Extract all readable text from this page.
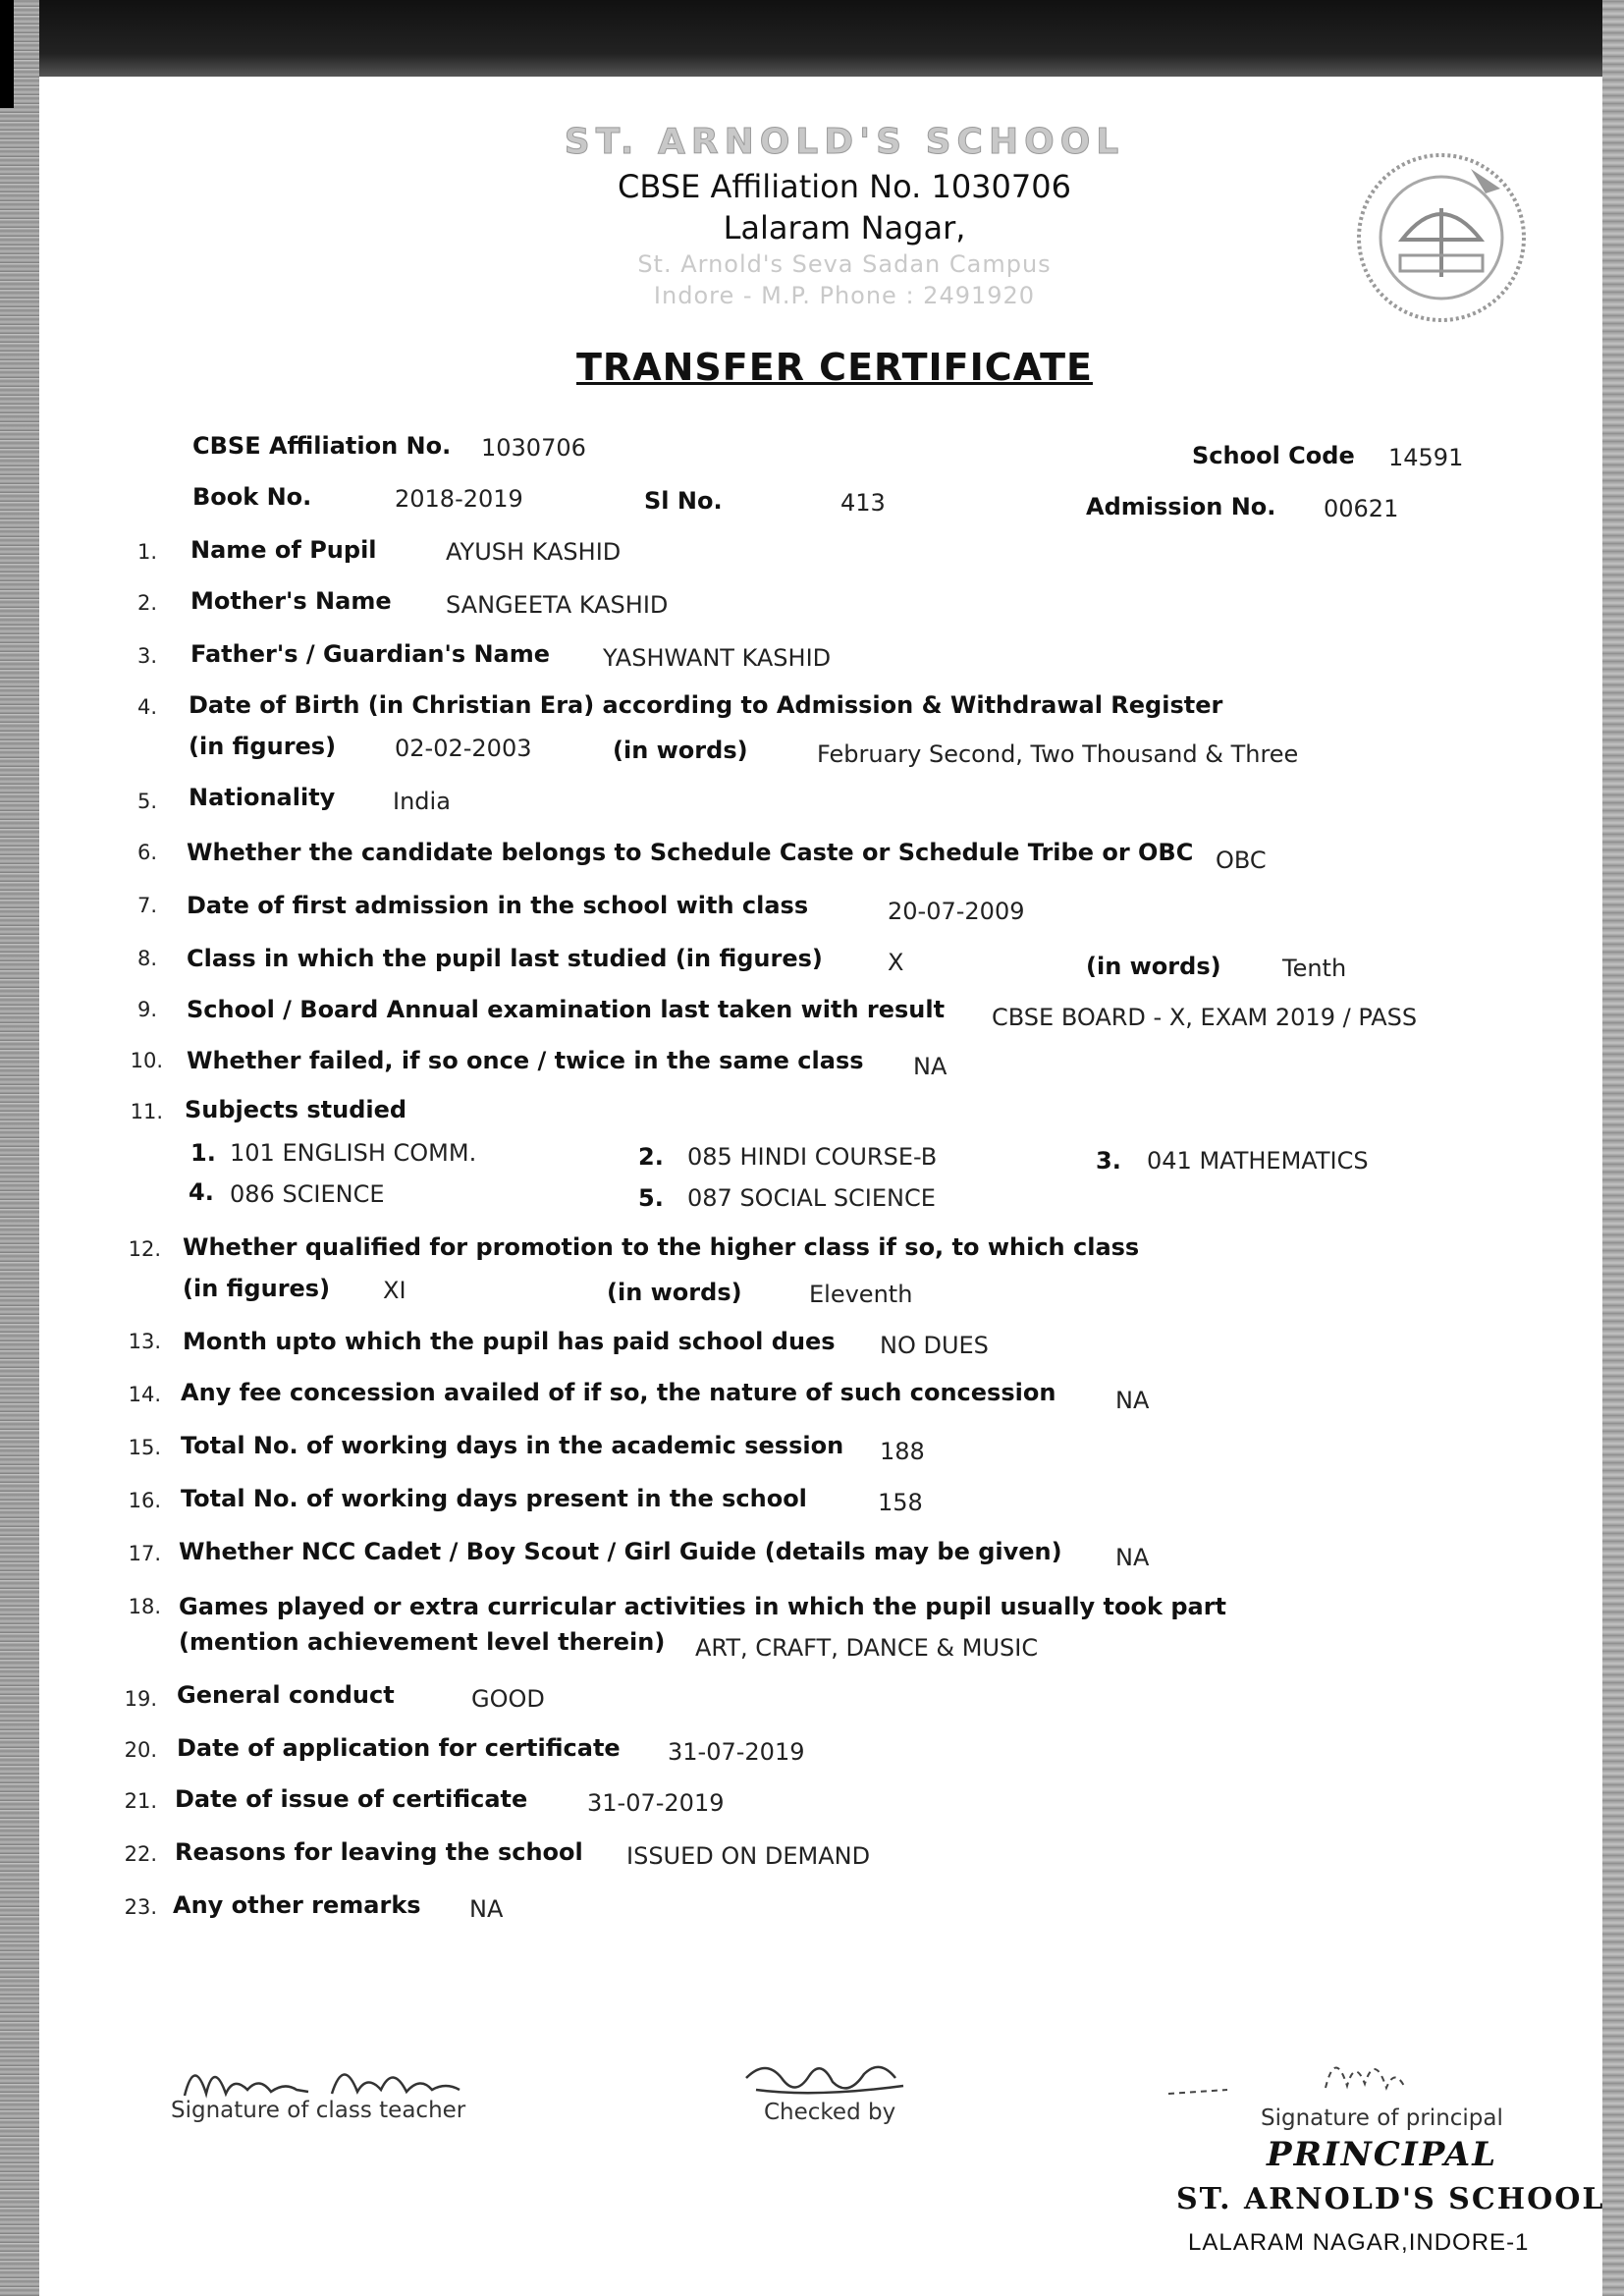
ST. ARNOLD'S SCHOOL
CBSE Affiliation No. 1030706
Lalaram Nagar,
St. Arnold's Seva Sadan Campus
Indore - M.P. Phone : 2491920
TRANSFER CERTIFICATE
CBSE Affiliation No. 1030706	School Code 14591
Book No.	2018-2019	Sl No.	413	Admission No. 00621
1. Name of Pupil	AYUSH KASHID
2. Mother's Name SANGEETA KASHID
3. Father's / Guardian's Name YASHWANT KASHID
4. Date of Birth (in Christian Era) according to Admission & Withdrawal Register
(in figures) 02-02-2003	(in words)	February Second, Two Thousand & Three
5. Nationality India
6. Whether the candidate belongs to Schedule Caste or Schedule Tribe or OBC OBC
7. Date of first admission in the school with class	20-07-2009
8. Class in which the pupil last studied (in figures)	X	(in words)	Tenth
9. School / Board Annual examination last taken with result CBSE BOARD - X, EXAM 2019 / PASS
10. Whether failed, if so once / twice in the same class NA
11. Subjects studied
1. 101 ENGLISH COMM.	2. 085 HINDI COURSE-B	3. 041 MATHEMATICS
4. 086 SCIENCE	5. 087 SOCIAL SCIENCE
12. Whether qualified for promotion to the higher class if so, to which class
(in figures) XI	(in words)	Eleventh
13. Month upto which the pupil has paid school dues NO DUES
14. Any fee concession availed of if so, the nature of such concession	NA
15. Total No. of working days in the academic session 188
16. Total No. of working days present in the school	158
17. Whether NCC Cadet / Boy Scout / Girl Guide (details may be given) NA
18. Games played or extra curricular activities in which the pupil usually took part
(mention achievement level therein) ART, CRAFT, DANCE & MUSIC
19. General conduct	GOOD
20. Date of application for certificate 31-07-2019
21. Date of issue of certificate	31-07-2019
22. Reasons for leaving the school ISSUED ON DEMAND
23. Any other remarks NA
Signature of class teacher	Checked by	Signature of principal
PRINCIPAL
ST. ARNOLD'S SCHOOL
LALARAM NAGAR,INDORE-1
